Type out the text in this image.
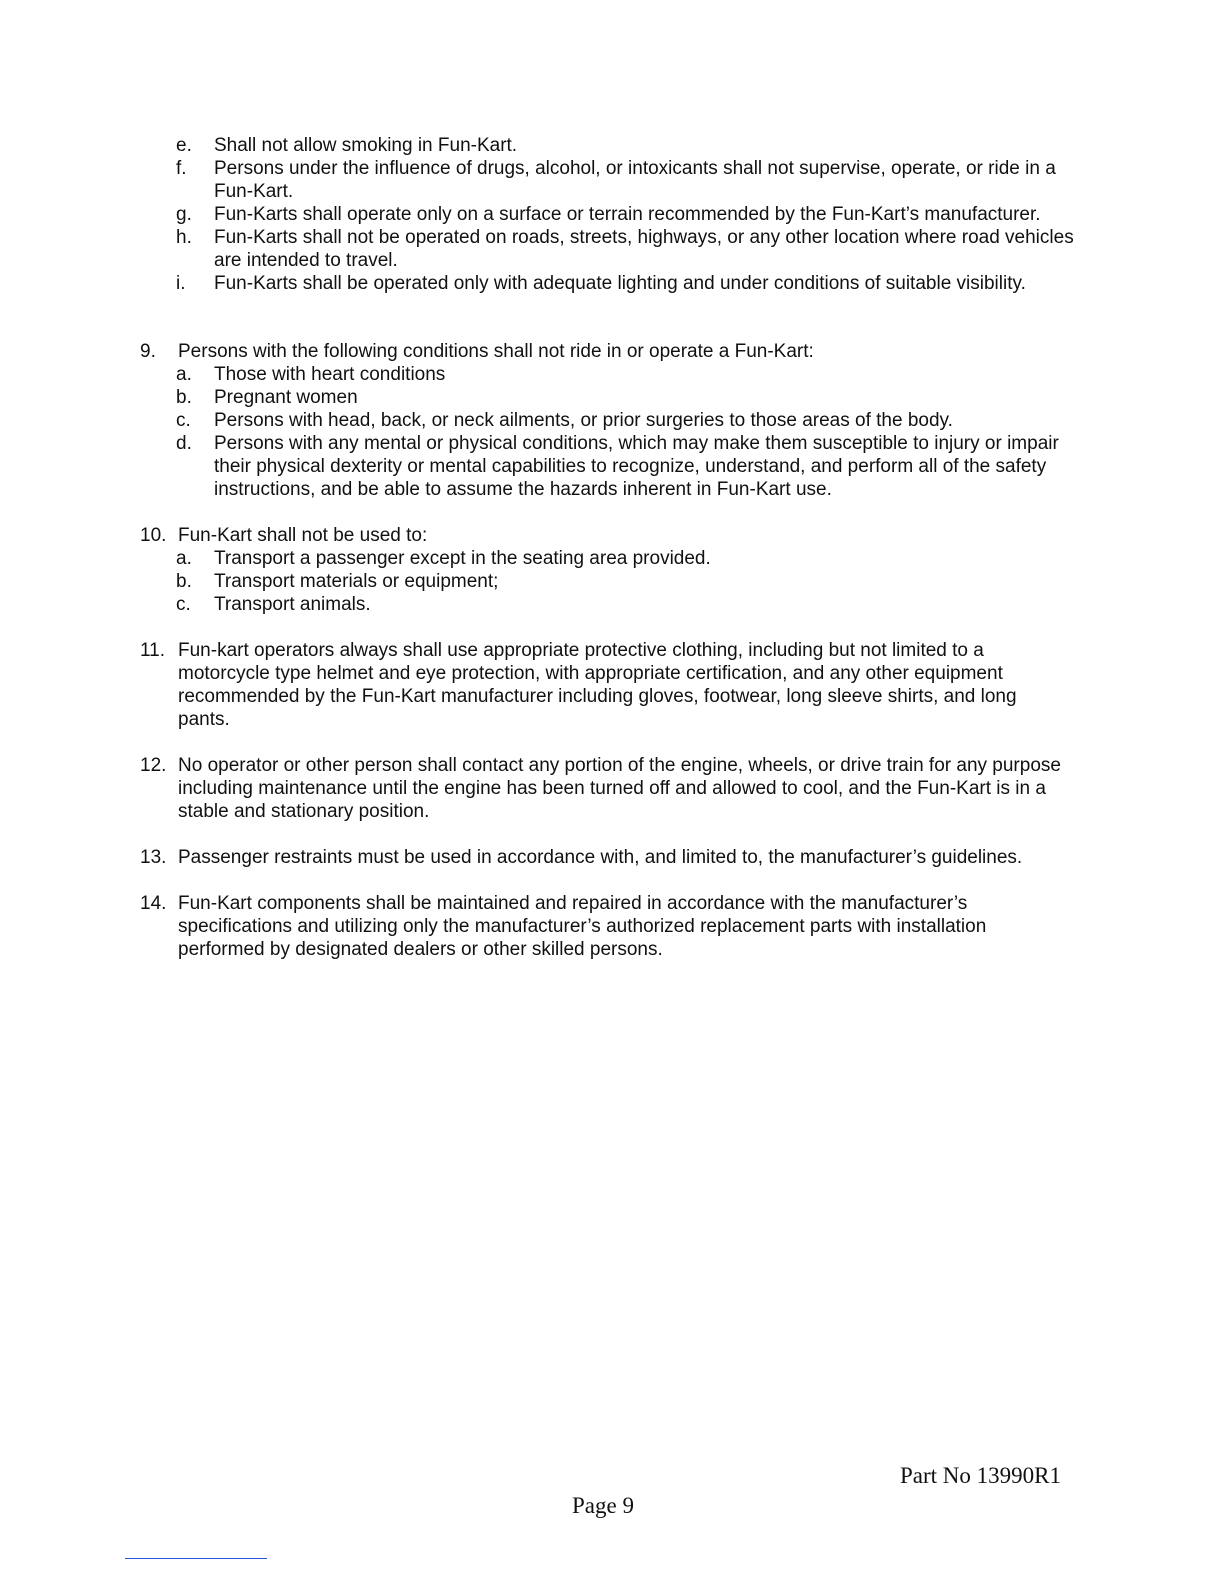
e. Shall not allow smoking in Fun-Kart.
f. Persons under the influence of drugs, alcohol, or intoxicants shall not supervise, operate, or ride in a Fun-Kart.
g. Fun-Karts shall operate only on a surface or terrain recommended by the Fun-Kart’s manufacturer.
h. Fun-Karts shall not be operated on roads, streets, highways, or any other location where road vehicles are intended to travel.
i. Fun-Karts shall be operated only with adequate lighting and under conditions of suitable visibility.
9. Persons with the following conditions shall not ride in or operate a Fun-Kart:
a. Those with heart conditions
b. Pregnant women
c. Persons with head, back, or neck ailments, or prior surgeries to those areas of the body.
d. Persons with any mental or physical conditions, which may make them susceptible to injury or impair their physical dexterity or mental capabilities to recognize, understand, and perform all of the safety instructions, and be able to assume the hazards inherent in Fun-Kart use.
10. Fun-Kart shall not be used to:
a. Transport a passenger except in the seating area provided.
b. Transport materials or equipment;
c. Transport animals.
11. Fun-kart operators always shall use appropriate protective clothing, including but not limited to a motorcycle type helmet and eye protection, with appropriate certification, and any other equipment recommended by the Fun-Kart manufacturer including gloves, footwear, long sleeve shirts, and long pants.
12. No operator or other person shall contact any portion of the engine, wheels, or drive train for any purpose including maintenance until the engine has been turned off and allowed to cool, and the Fun-Kart is in a stable and stationary position.
13. Passenger restraints must be used in accordance with, and limited to, the manufacturer’s guidelines.
14. Fun-Kart components shall be maintained and repaired in accordance with the manufacturer’s specifications and utilizing only the manufacturer’s authorized replacement parts with installation performed by designated dealers or other skilled persons.
Part No 13990R1
Page 9
